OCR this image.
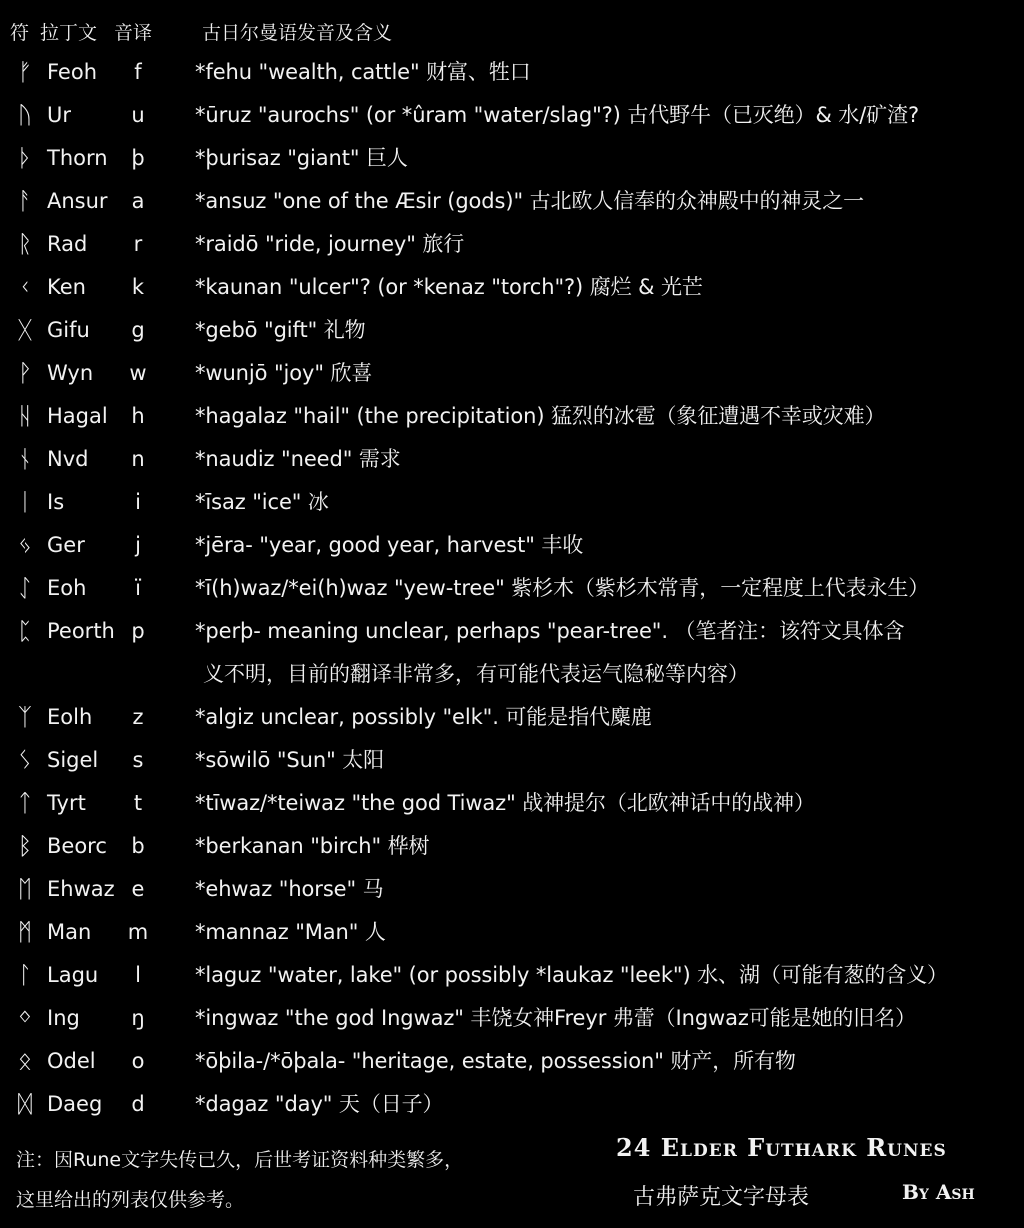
符 拉丁文 音译	古日尔曼语发音及含义
ᚠ Feoh	f	*fehu "wealth, cattle" 财富、牲口
ᚢ Ur	u *ūruz "aurochs" (or *ûram "water/slag"?) 古代野牛（已灭绝）& 水/矿渣?
ᚦ Thorn þ *þurisaz "giant" 巨人
ᚨ Ansur a *ansuz "one of the Æsir (gods)" 古北欧人信奉的众神殿中的神灵之一
ᚱ Rad	r	*raidō "ride, journey" 旅行
ᚲ Ken k *kaunan "ulcer"? (or *kenaz "torch"?) 腐烂 & 光芒
ᚷ Gifu g *gebō "gift" 礼物
ᚹ Wyn w *wunjō "joy" 欣喜
ᚺ Hagal h *hagalaz "hail" (the precipitation) 猛烈的冰雹（象征遭遇不幸或灾难）
ᚾ Nvd n *naudiz "need" 需求
ᛁ Is	i	*īsaz "ice" 冰
ᛃ Ger	j	*jēra- "year, good year, harvest" 丰收
ᛇ Eoh	ï	*ī(h)waz/*ei(h)waz "yew-tree" 紫杉木（紫杉木常青，一定程度上代表永生）
ᛈ Peorth p *perþ- meaning unclear, perhaps "pear-tree". （笔者注：该符文具体含
义不明，目前的翻译非常多，有可能代表运气隐秘等内容）
ᛉ Eolh	z	*algiz unclear, possibly "elk". 可能是指代麋鹿
ᛊ Sigel	s	*sōwilō "Sun" 太阳
ᛏ Tyrt	t	*tīwaz/*teiwaz "the god Tiwaz" 战神提尔（北欧神话中的战神）
ᛒ Beorc b *berkanan "birch" 桦树
ᛖ Ehwaz e *ehwaz "horse" 马
ᛗ Man m *mannaz "Man" 人
ᛚ Lagu	l	*laguz "water, lake" (or possibly *laukaz "leek") 水、湖（可能有葱的含义）
ᛜ Ing ŋ *ingwaz "the god Ingwaz" 丰饶女神Freyr 弗蕾（Ingwaz可能是她的旧名）
ᛟ Odel o *ōþila-/*ōþala- "heritage, estate, possession" 财产，所有物
ᛞ Daeg d *dagaz "day" 天（日子）
注：因Rune文字失传已久，后世考证资料种类繁多，
这里给出的列表仅供参考。
24 Elder Futhark Runes
古弗萨克文字母表	By Ash
